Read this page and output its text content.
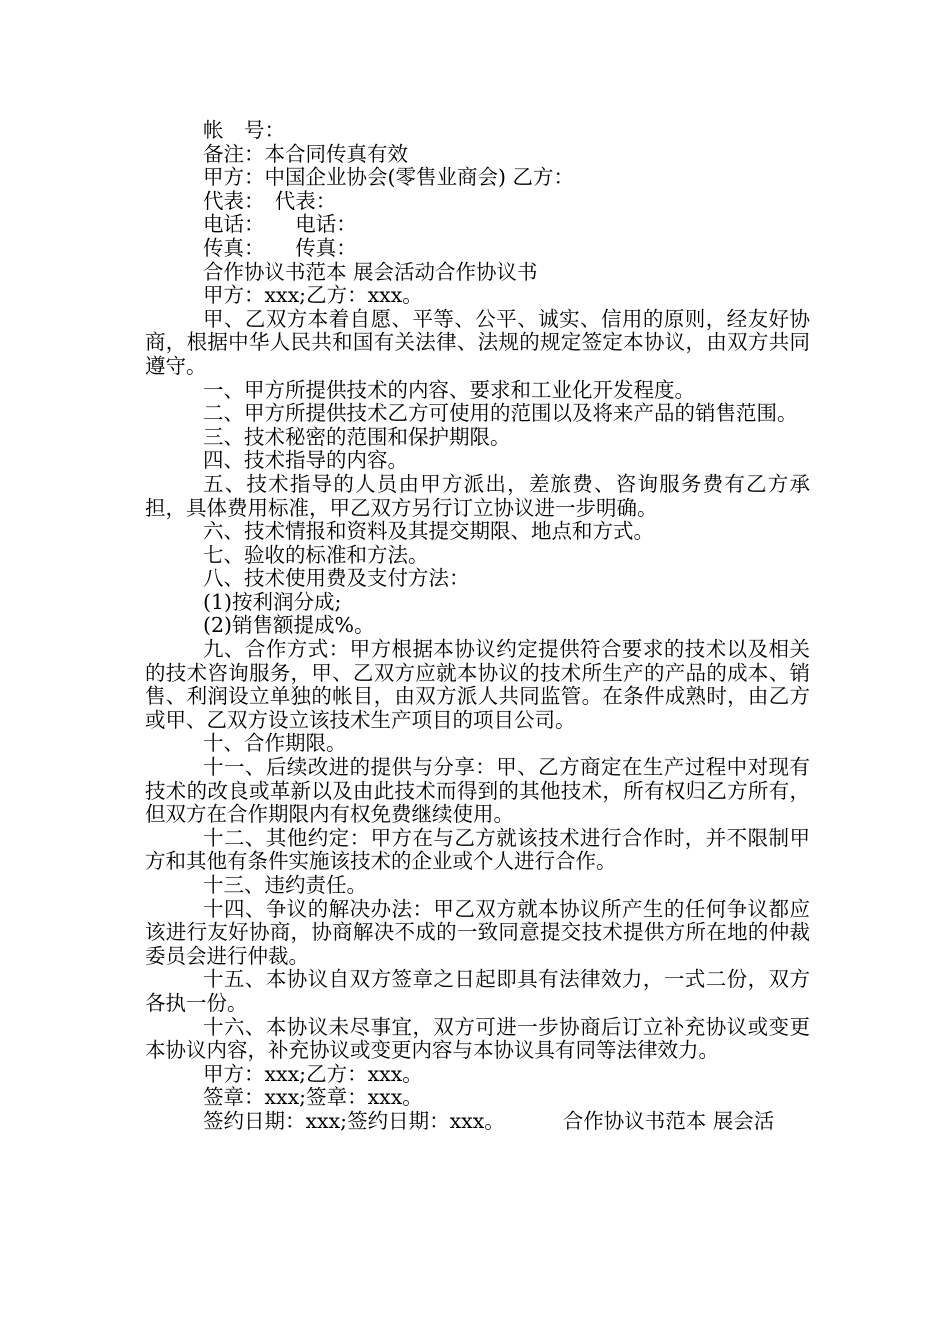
帐　号：

备注：本合同传真有效

甲方：中国企业协会(零售业商会) 乙方：

代表：　代表：

电话：　　电话：

传真：　　传真：

合作协议书范本 展会活动合作协议书

甲方：xxx;乙方：xxx。

甲、乙双方本着自愿、平等、公平、诚实、信用的原则，经友好协商，根据中华人民共和国有关法律、法规的规定签定本协议，由双方共同遵守。

一、甲方所提供技术的内容、要求和工业化开发程度。

二、甲方所提供技术乙方可使用的范围以及将来产品的销售范围。

三、技术秘密的范围和保护期限。

四、技术指导的内容。

五、技术指导的人员由甲方派出，差旅费、咨询服务费有乙方承担，具体费用标准，甲乙双方另行订立协议进一步明确。

六、技术情报和资料及其提交期限、地点和方式。

七、验收的标准和方法。

八、技术使用费及支付方法：

(1)按利润分成;

(2)销售额提成%。

九、合作方式：甲方根据本协议约定提供符合要求的技术以及相关的技术咨询服务，甲、乙双方应就本协议的技术所生产的产品的成本、销售、利润设立单独的帐目，由双方派人共同监管。在条件成熟时，由乙方或甲、乙双方设立该技术生产项目的项目公司。

十、合作期限。

十一、后续改进的提供与分享：甲、乙方商定在生产过程中对现有技术的改良或革新以及由此技术而得到的其他技术，所有权归乙方所有，但双方在合作期限内有权免费继续使用。

十二、其他约定：甲方在与乙方就该技术进行合作时，并不限制甲方和其他有条件实施该技术的企业或个人进行合作。

十三、违约责任。

十四、争议的解决办法：甲乙双方就本协议所产生的任何争议都应该进行友好协商，协商解决不成的一致同意提交技术提供方所在地的仲裁委员会进行仲裁。

十五、本协议自双方签章之日起即具有法律效力，一式二份，双方各执一份。

十六、本协议未尽事宜，双方可进一步协商后订立补充协议或变更本协议内容，补充协议或变更内容与本协议具有同等法律效力。

甲方：xxx;乙方：xxx。

签章：xxx;签章：xxx。

签约日期：xxx;签约日期：xxx。	合作协议书范本 展会活
